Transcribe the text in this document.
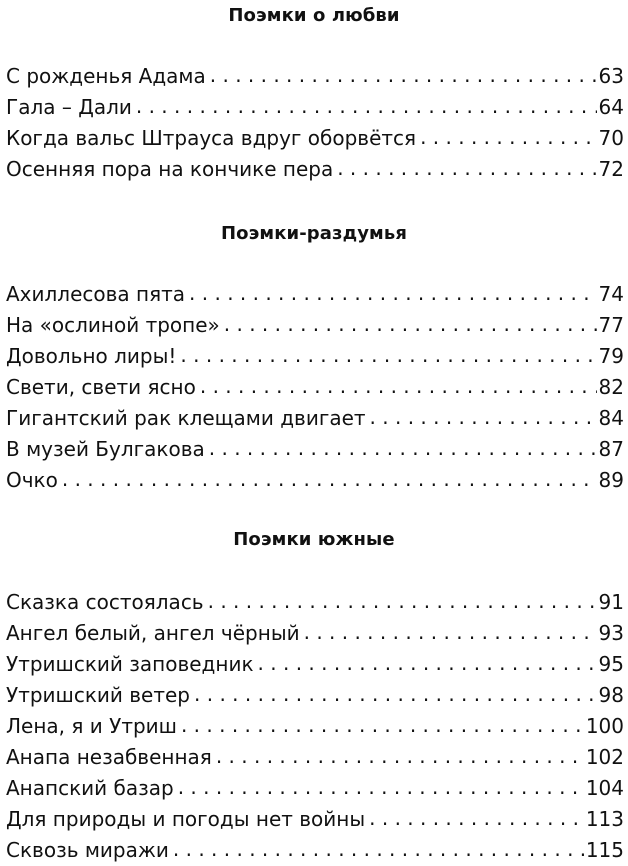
Поэмки о любви
С рожденья Адама . . .	63
Гала – Дали . . .	64
Когда вальс Штрауса вдруг оборвётся . . .	70
Осенняя пора на кончике пера . . .	72
Поэмки-раздумья
Ахиллесова пята . . .	74
На «ослиной тропе» . . .	77
Довольно лиры! . . .	79
Свети, свети ясно . . .	82
Гигантский рак клещами двигает . . .	84
В музей Булгакова . . .	87
Очко . . .	89
Поэмки южные
Сказка состоялась . . .	91
Ангел белый, ангел чёрный . . .	93
Утришский заповедник . . .	95
Утришский ветер . . .	98
Лена, я и Утриш . . .	100
Анапа незабвенная . . .	102
Анапский базар . . .	104
Для природы и погоды нет войны . . .	113
Сквозь миражи . . .	115
